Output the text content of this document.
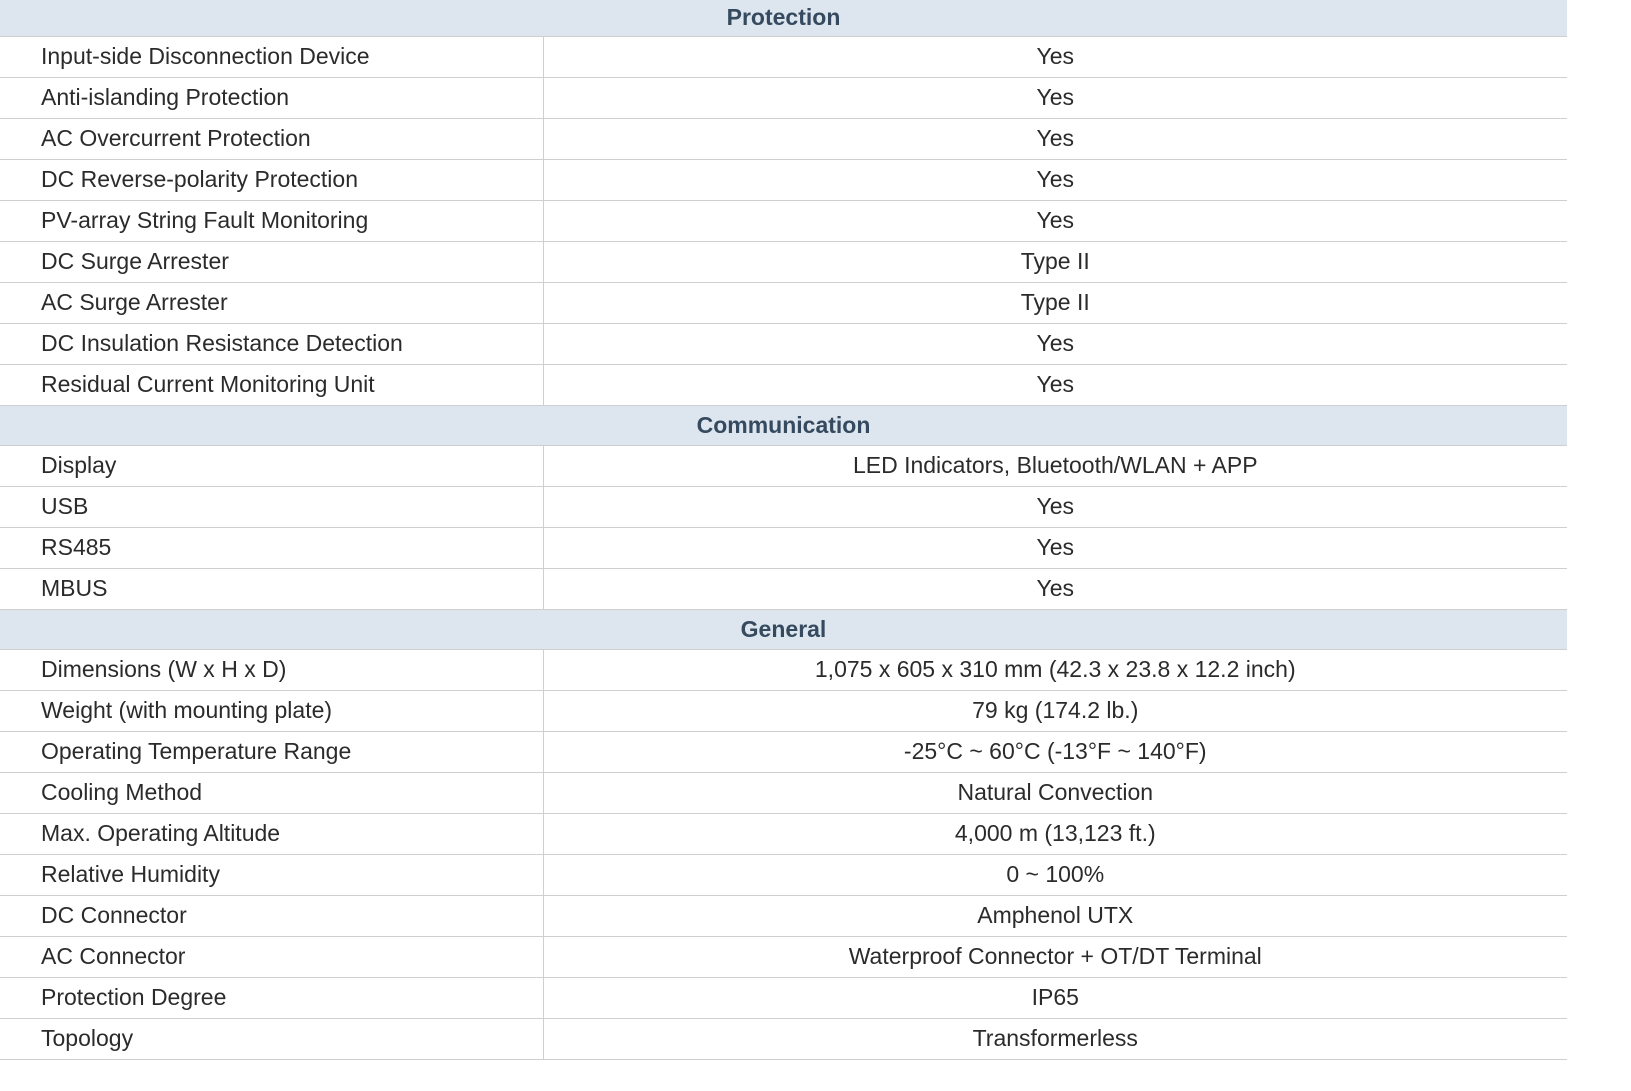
Protection	
Input-side Disconnection Device	Yes
Anti-islanding Protection	Yes
AC Overcurrent Protection	Yes
DC Reverse-polarity Protection	Yes
PV-array String Fault Monitoring	Yes
DC Surge Arrester	Type II
AC Surge Arrester	Type II
DC Insulation Resistance Detection	Yes
Residual Current Monitoring Unit	Yes
Communication	
Display	LED Indicators, Bluetooth/WLAN + APP
USB	Yes
RS485	Yes
MBUS	Yes
General	
Dimensions (W x H x D)	1,075 x 605 x 310 mm (42.3 x 23.8 x 12.2 inch)
Weight (with mounting plate)	79 kg (174.2 lb.)
Operating Temperature Range	-25°C ~ 60°C (-13°F ~ 140°F)
Cooling Method	Natural Convection
Max. Operating Altitude	4,000 m (13,123 ft.)
Relative Humidity	0 ~ 100%
DC Connector	Amphenol UTX
AC Connector	Waterproof Connector + OT/DT Terminal
Protection Degree	IP65
Topology	Transformerless
